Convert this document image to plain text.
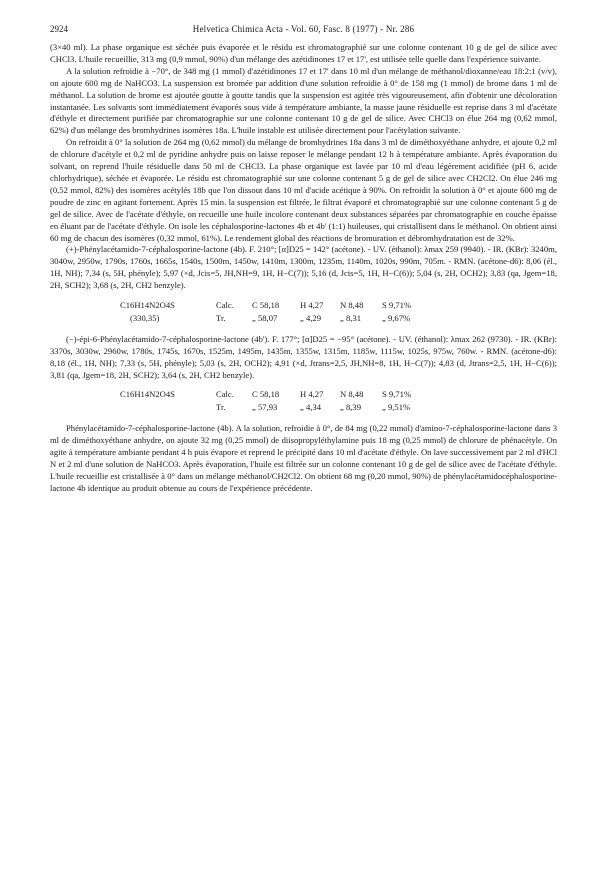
2924	Helvetica Chimica Acta - Vol. 60, Fasc. 8 (1977) - Nr. 286

(3×40 ml). La phase organique est séchée puis évaporée et le résidu est chromatographié sur une colonne contenant 10 g de gel de silice avec CHCl3. L'huile recueillie, 313 mg (0,9 mmol, 90%) d'un mélange des azétidinones 17 et 17', est utilisée telle quelle dans l'expérience suivante.

A la solution refroidie à −70°, de 348 mg (1 mmol) d'azétidinones 17 et 17' dans 10 ml d'un mélange de méthanol/dioxanne/eau 18:2:1 (v/v), on ajoute 600 mg de NaHCO3. La suspension est bromée par addition d'une solution refroidie à 0° de 158 mg (1 mmol) de brome dans 1 ml de méthanol. La solution de brome est ajoutée goutte à goutte tandis que la suspension est agitée très vigoureusement, afin d'obtenir une décoloration instantanée. Les solvants sont immédiatement évaporés sous vide à température ambiante, la masse jaune résiduelle est reprise dans 3 ml d'acétate d'éthyle et directement purifiée par chromatographie sur une colonne contenant 10 g de gel de silice. Avec CHCl3 on élue 264 mg (0,62 mmol, 62%) d'un mélange des bromhydrines isomères 18a. L'huile instable est utilisée directement pour l'acétylation suivante.

On refroidit à 0° la solution de 264 mg (0,62 mmol) du mélange de bromhydrines 18a dans 3 ml de diméthoxyéthane anhydre, et ajoute 0,2 ml de chlorure d'acétyle et 0,2 ml de pyridine anhydre puis on laisse reposer le mélange pendant 12 h à température ambiante. Après évaporation du solvant, on reprend l'huile résiduelle dans 50 ml de CHCl3. La phase organique est lavée par 10 ml d'eau légèrement acidifiée (pH 6, acide chlorhydrique), séchée et évaporée. Le résidu est chromatographié sur une colonne contenant 5 g de gel de silice avec CH2Cl2. On élue 246 mg (0,52 mmol, 82%) des isomères acétylés 18b que l'on dissout dans 10 ml d'acide acétique à 90%. On refroidit la solution à 0° et ajoute 600 mg de poudre de zinc en agitant fortement. Après 15 min. la suspension est filtrée, le filtrat évaporé et chromatographié sur une colonne contenant 5 g de gel de silice. Avec de l'acétate d'éthyle, on recueille une huile incolore contenant deux substances séparées par chromatographie en couche épaisse en éluant par de l'acétate d'éthyle. On isole les céphalosporine-lactones 4b et 4b' (1:1) huileuses, qui cristallisent dans le méthanol. On obtient ainsi 60 mg de chacun des isomères (0,32 mmol, 61%). Le rendement global des réactions de bromuration et débromhydratation est de 32%.

(+)-Phénylacétamido-7-céphalosporine-lactone (4b). F. 210°; [α]D25 = 142° (acétone). - UV. (éthanol): λmax 259 (9940). - IR. (KBr): 3240m, 3040w, 2950w, 1790s, 1760s, 1665s, 1540s, 1500m, 1450w, 1410m, 1300m, 1235m, 1140m, 1020s, 990m, 705m. - RMN. (acétone-d6): 8,06 (él., 1H, NH); 7,34 (s, 5H, phényle); 5,97 (×d, Jcis=5, JH,NH=9, 1H, H−C(7)); 5,16 (d, Jcis=5, 1H, H−C(6)); 5,04 (s, 2H, OCH2); 3,83 (qa, Jgem=18, 2H, SCH2); 3,68 (s, 2H, CH2 benzyle).

C16H14N2O4S	Calc.	C 58,18	H 4,27	N 8,48	S 9,71%
(330,35)	Tr.	„ 58,07	„ 4,29	„ 8,31	„ 9,67%

(−)-épi-6-Phénylacétamido-7-céphalosporine-lactone (4b'). F. 177°; [α]D25 = −95° (acétone). - UV. (éthanol): λmax 262 (9730). - IR. (KBr): 3370s, 3030w, 2960w, 1780s, 1745s, 1670s, 1525m, 1495m, 1435m, 1355w, 1315m, 1185w, 1115w, 1025s, 975w, 760w. - RMN. (acétone-d6): 8,18 (él., 1H, NH); 7,33 (s, 5H, phényle); 5,03 (s, 2H, OCH2); 4,91 (×d, Jtrans=2,5, JH,NH=8, 1H, H−C(7)); 4,83 (d, Jtrans=2,5, 1H, H−C(6)); 3,81 (qa, Jgem=18, 2H, SCH2); 3,64 (s, 2H, CH2 benzyle).

C16H14N2O4S	Calc.	C 58,18	H 4,27	N 8,48	S 9,71%
	Tr.	„ 57,93	„ 4,34	„ 8,39	„ 9,51%

Phénylacétamido-7-céphalosporine-lactone (4b). A la solution, refroidie à 0°, de 84 mg (0,22 mmol) d'amino-7-céphalosporine-lactone dans 3 ml de diméthoxyéthane anhydre, on ajoute 32 mg (0,25 mmol) de diisopropyléthylamine puis 18 mg (0,25 mmol) de chlorure de phénacétyle. On agite à température ambiante pendant 4 h puis évapore et reprend le précipité dans 10 ml d'acétate d'éthyle. On lave successivement par 2 ml d'HCl N et 2 ml d'une solution de NaHCO3. Après évaporation, l'huile est filtrée sur un colonne contenant 10 g de gel de silice avec de l'acétate d'éthyle. L'huile recueillie est cristallisée à 0° dans un mélange méthanol/CH2Cl2. On obtient 68 mg (0,20 mmol, 90%) de phénylacétamidocéphalosporine-lactone 4b identique au produit obtenue au cours de l'expérience précédente.
